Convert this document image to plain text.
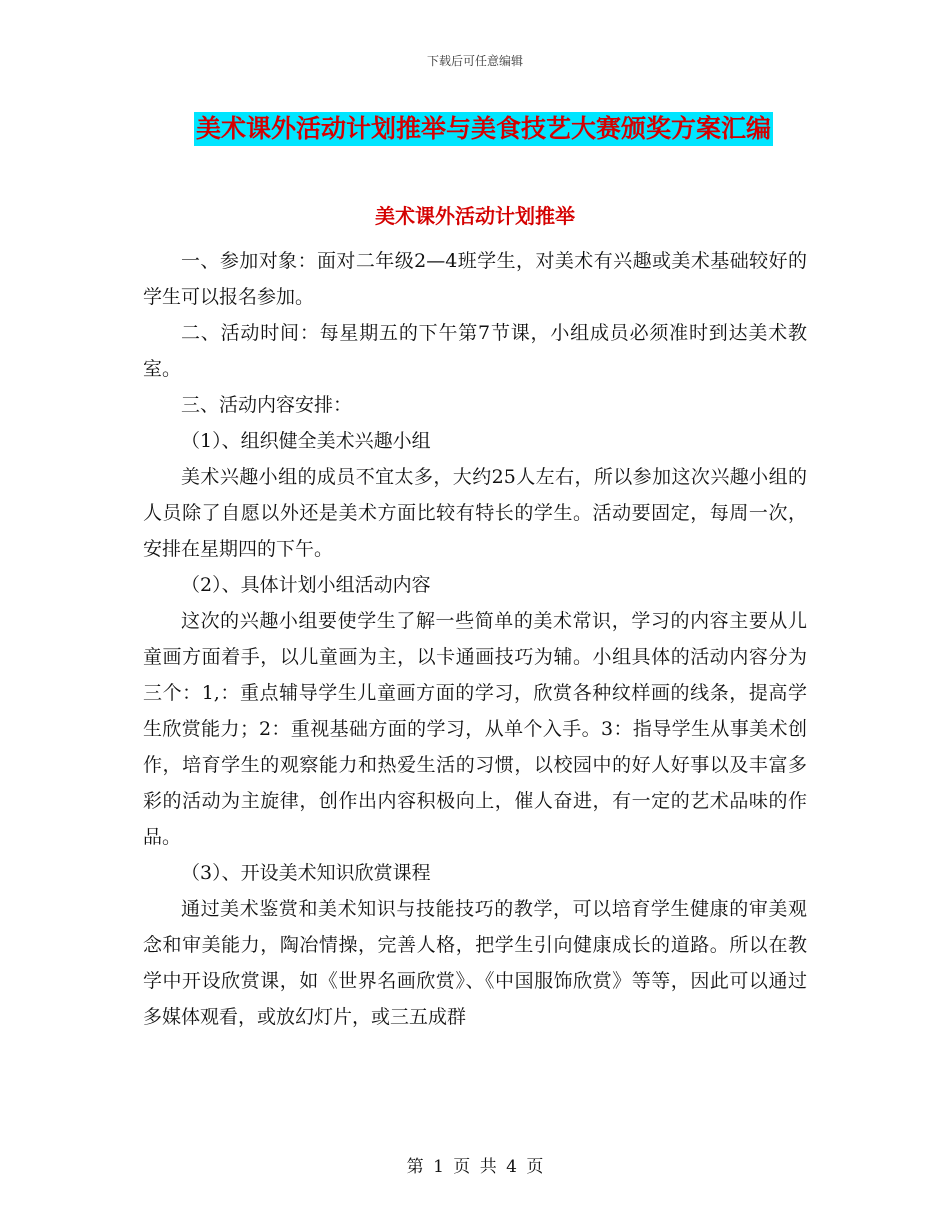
下载后可任意编辑
美术课外活动计划推举与美食技艺大赛颁奖方案汇编
美术课外活动计划推举

一、参加对象：面对二年级2—4班学生，对美术有兴趣或美术基础较好的学生可以报名参加。

二、活动时间：每星期五的下午第7节课，小组成员必须准时到达美术教室。

三、活动内容安排：

（1）、组织健全美术兴趣小组

美术兴趣小组的成员不宜太多，大约25人左右，所以参加这次兴趣小组的人员除了自愿以外还是美术方面比较有特长的学生。活动要固定，每周一次，安排在星期四的下午。

（2）、具体计划小组活动内容

这次的兴趣小组要使学生了解一些简单的美术常识，学习的内容主要从儿童画方面着手，以儿童画为主，以卡通画技巧为辅。小组具体的活动内容分为三个：1,：重点辅导学生儿童画方面的学习，欣赏各种纹样画的线条，提高学生欣赏能力；2：重视基础方面的学习，从单个入手。3：指导学生从事美术创作，培育学生的观察能力和热爱生活的习惯，以校园中的好人好事以及丰富多彩的活动为主旋律，创作出内容积极向上，催人奋进，有一定的艺术品味的作品。

（3）、开设美术知识欣赏课程

通过美术鉴赏和美术知识与技能技巧的教学，可以培育学生健康的审美观念和审美能力，陶冶情操，完善人格，把学生引向健康成长的道路。所以在教学中开设欣赏课，如《世界名画欣赏》、《中国服饰欣赏》等等，因此可以通过多媒体观看，或放幻灯片，或三五成群

第 1 页 共 4 页
